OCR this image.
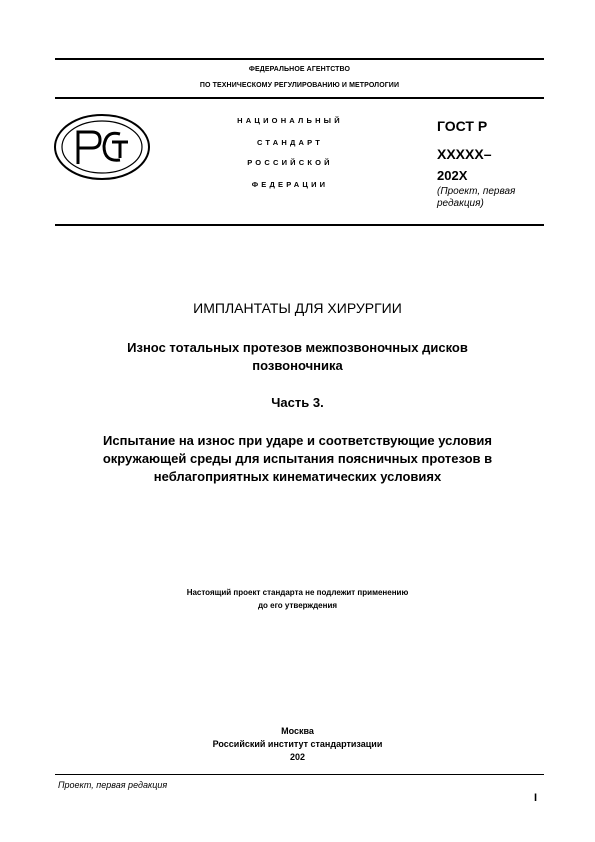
ФЕДЕРАЛЬНОЕ АГЕНТСТВО
ПО ТЕХНИЧЕСКОМУ РЕГУЛИРОВАНИЮ И МЕТРОЛОГИИ
НАЦИОНАЛЬНЫЙ
СТАНДАРТ
РОССИЙСКОЙ
ФЕДЕРАЦИИ
ГОСТ Р
ХХХХХ–
202Х
(Проект, первая
редакция)
ИМПЛАНТАТЫ ДЛЯ ХИРУРГИИ
Износ тотальных протезов межпозвоночных дисков
позвоночника
Часть 3.
Испытание на износ при ударе и соответствующие условия
окружающей среды для испытания поясничных протезов в
неблагоприятных кинематических условиях
Настоящий проект стандарта не подлежит применению
до его утверждения
Москва
Российский институт стандартизации
202
Проект, первая редакция
I
